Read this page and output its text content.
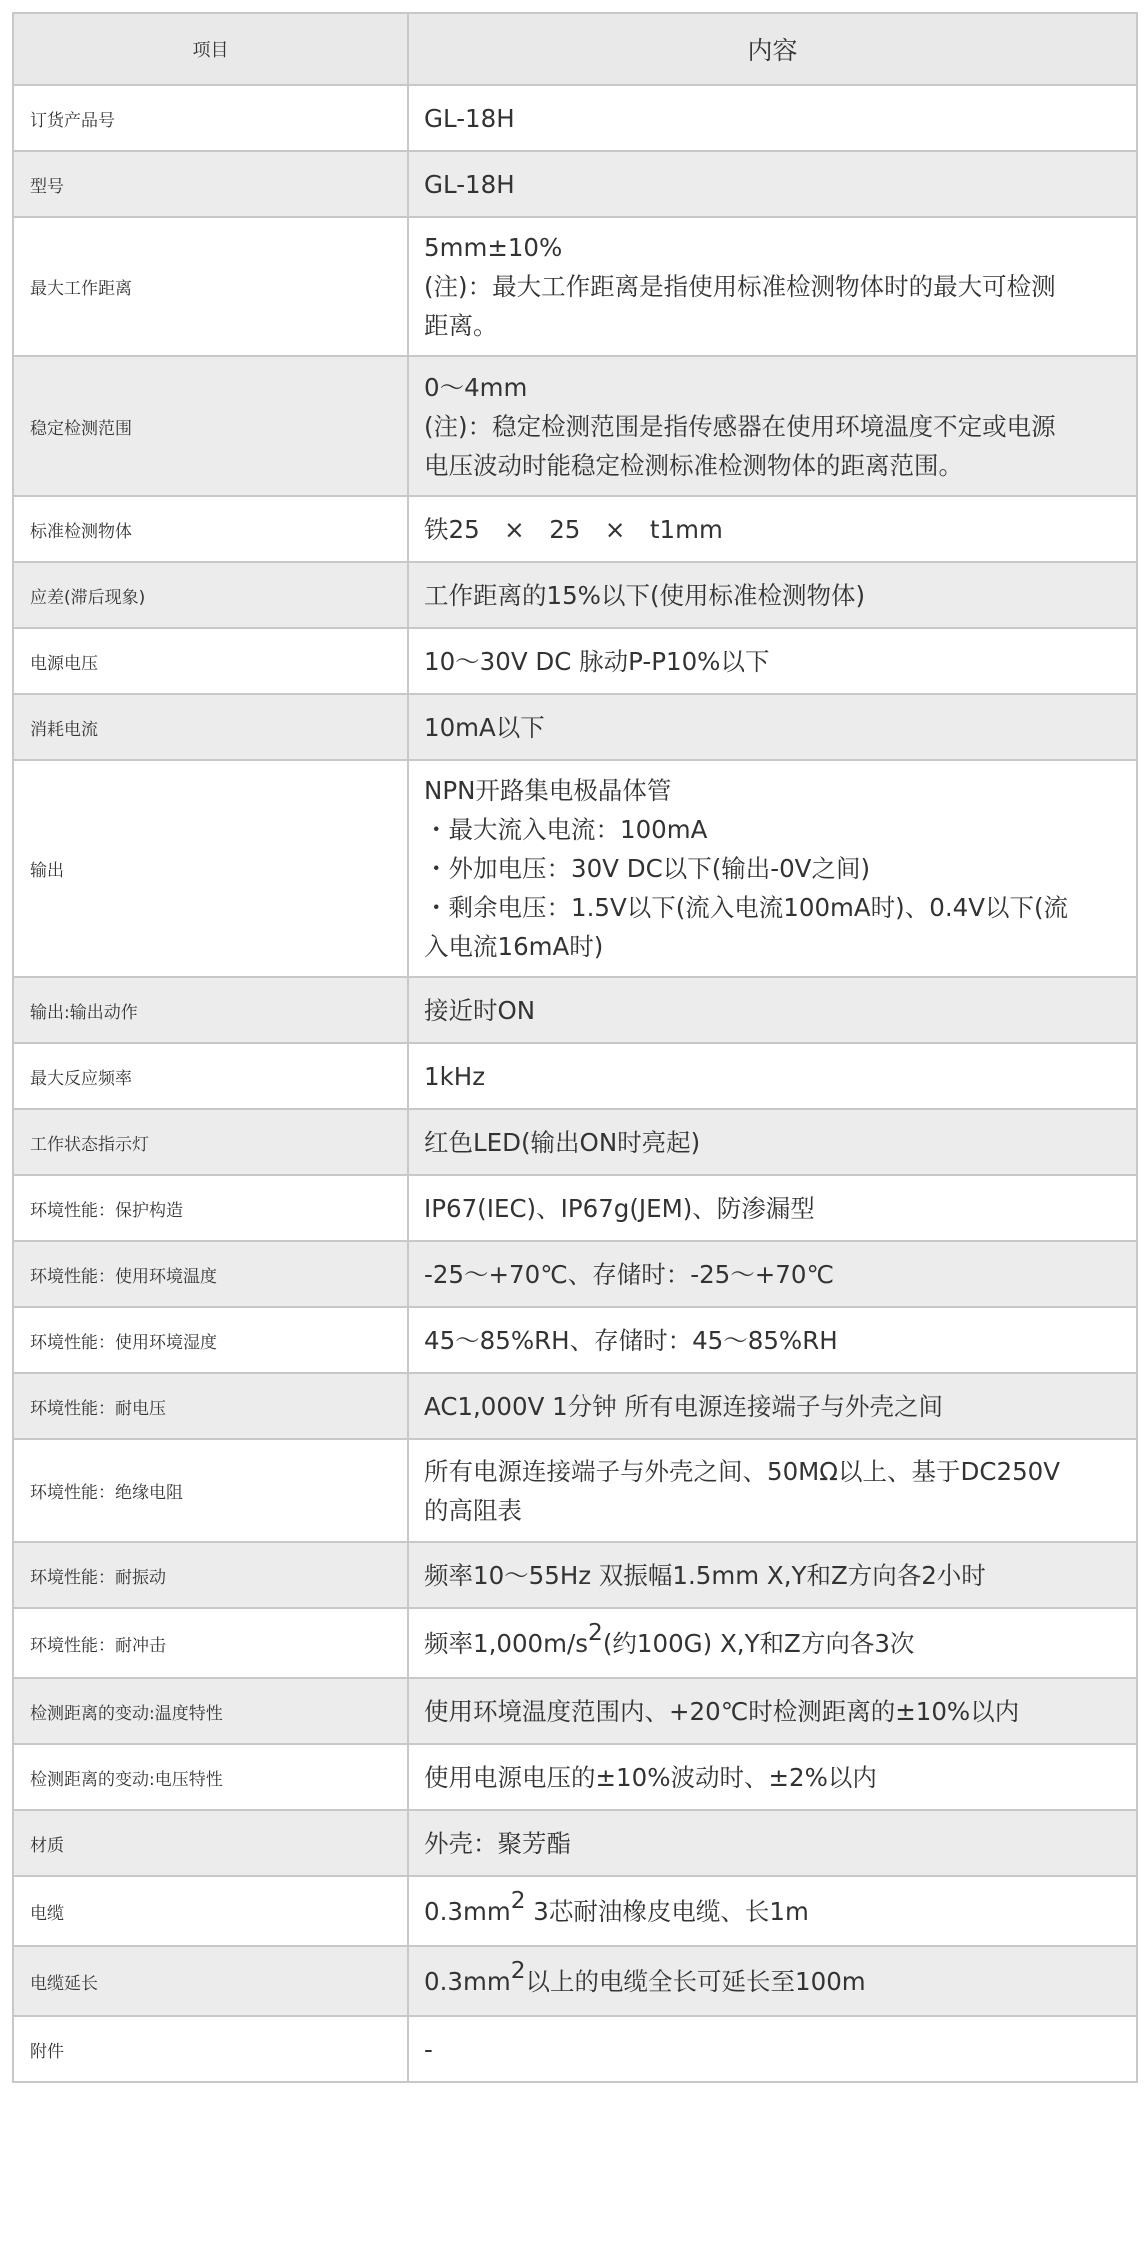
项目	内容
订货产品号	GL-18H

型号	GL-18H

最大工作距离	5mm±10%
(注)：最大工作距离是指使用标准检测物体时的最大可检测
距离。

稳定检测范围	0～4mm
(注)：稳定检测范围是指传感器在使用环境温度不定或电源
电压波动时能稳定检测标准检测物体的距离范围。

标准检测物体	铁25　×　25　×　t1mm

应差(滞后现象)	工作距离的15%以下(使用标准检测物体)

电源电压	10～30V DC 脉动P-P10%以下

消耗电流	10mA以下

输出	NPN开路集电极晶体管
・最大流入电流：100mA
・外加电压：30V DC以下(输出-0V之间)
・剩余电压：1.5V以下(流入电流100mA时)、0.4V以下(流
入电流16mA时)

输出:输出动作	接近时ON

最大反应频率	1kHz

工作状态指示灯	红色LED(输出ON时亮起)

环境性能：保护构造	IP67(IEC)、IP67g(JEM)、防渗漏型

环境性能：使用环境温度	-25～+70℃、存储时：-25～+70℃

环境性能：使用环境湿度	45～85%RH、存储时：45～85%RH

环境性能：耐电压	AC1,000V 1分钟 所有电源连接端子与外壳之间

环境性能：绝缘电阻	所有电源连接端子与外壳之间、50MΩ以上、基于DC250V
的高阻表

环境性能：耐振动	频率10～55Hz 双振幅1.5mm X,Y和Z方向各2小时

环境性能：耐冲击	频率$1,000m/s^2$(约100G) X,Y和Z方向各3次
检测距离的变动:温度特性	使用环境温度范围内、+20℃时检测距离的±10%以内

检测距离的变动:电压特性	使用电源电压的±10%波动时、±2%以内

材质	外壳：聚芳酯

电缆	$0.3mm^2$ 3芯耐油橡皮电缆、长1m
电缆延长	$0.3mm^2$以上的电缆全长可延长至100m
附件	-
